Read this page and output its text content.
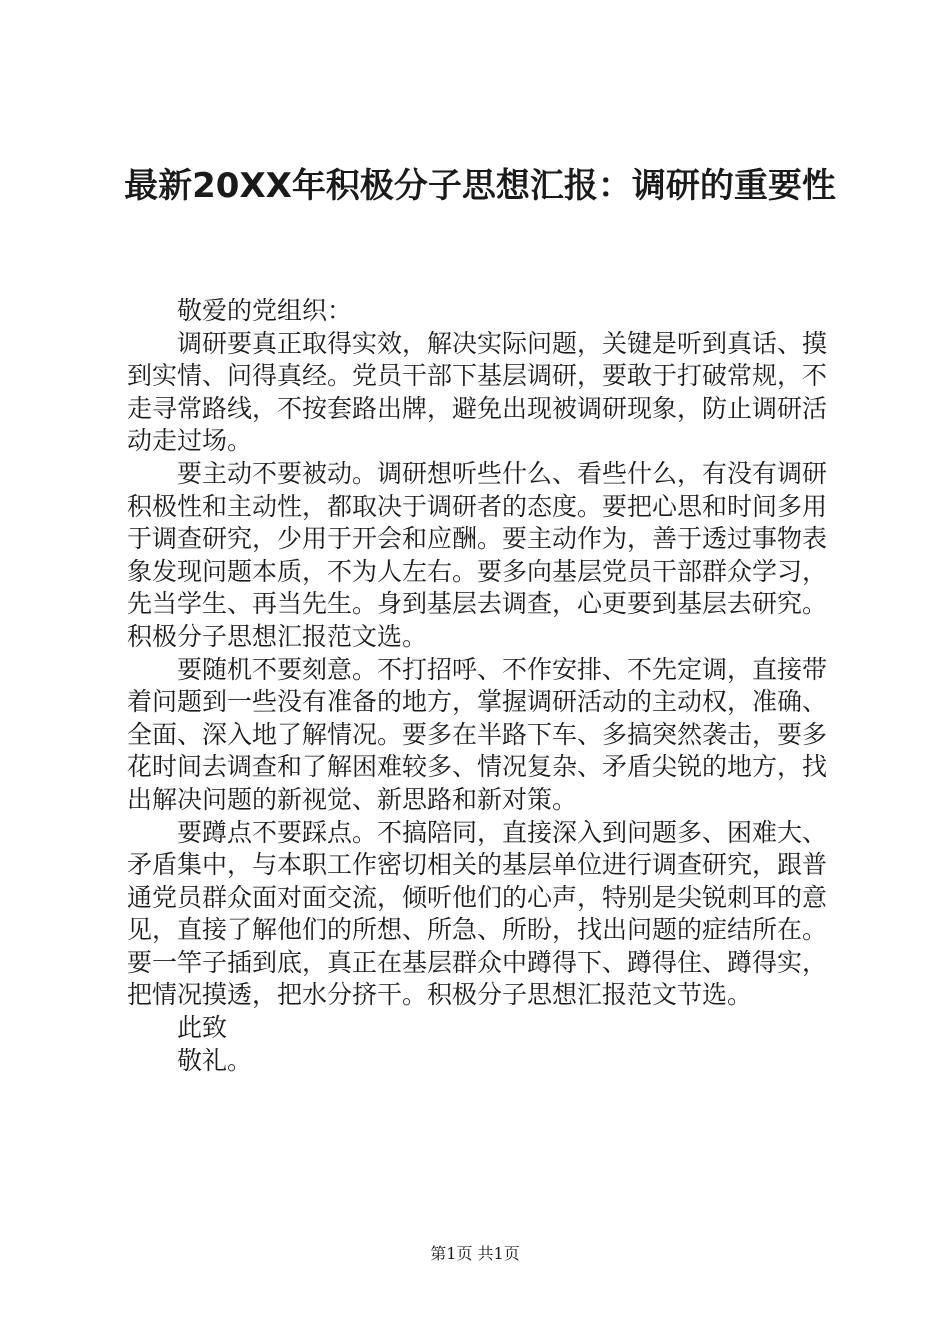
最新20XX年积极分子思想汇报：调研的重要性

敬爱的党组织：

调研要真正取得实效，解决实际问题，关键是听到真话、摸到实情、问得真经。党员干部下基层调研，要敢于打破常规，不走寻常路线，不按套路出牌，避免出现被调研现象，防止调研活动走过场。

要主动不要被动。调研想听些什么、看些什么，有没有调研积极性和主动性，都取决于调研者的态度。要把心思和时间多用于调查研究，少用于开会和应酬。要主动作为，善于透过事物表象发现问题本质，不为人左右。要多向基层党员干部群众学习，先当学生、再当先生。身到基层去调查，心更要到基层去研究。积极分子思想汇报范文选。

要随机不要刻意。不打招呼、不作安排、不先定调，直接带着问题到一些没有准备的地方，掌握调研活动的主动权，准确、全面、深入地了解情况。要多在半路下车、多搞突然袭击，要多花时间去调查和了解困难较多、情况复杂、矛盾尖锐的地方，找出解决问题的新视觉、新思路和新对策。

要蹲点不要踩点。不搞陪同，直接深入到问题多、困难大、矛盾集中，与本职工作密切相关的基层单位进行调查研究，跟普通党员群众面对面交流，倾听他们的心声，特别是尖锐刺耳的意见，直接了解他们的所想、所急、所盼，找出问题的症结所在。要一竿子插到底，真正在基层群众中蹲得下、蹲得住、蹲得实，把情况摸透，把水分挤干。积极分子思想汇报范文节选。

此致

敬礼。

第1页 共1页
